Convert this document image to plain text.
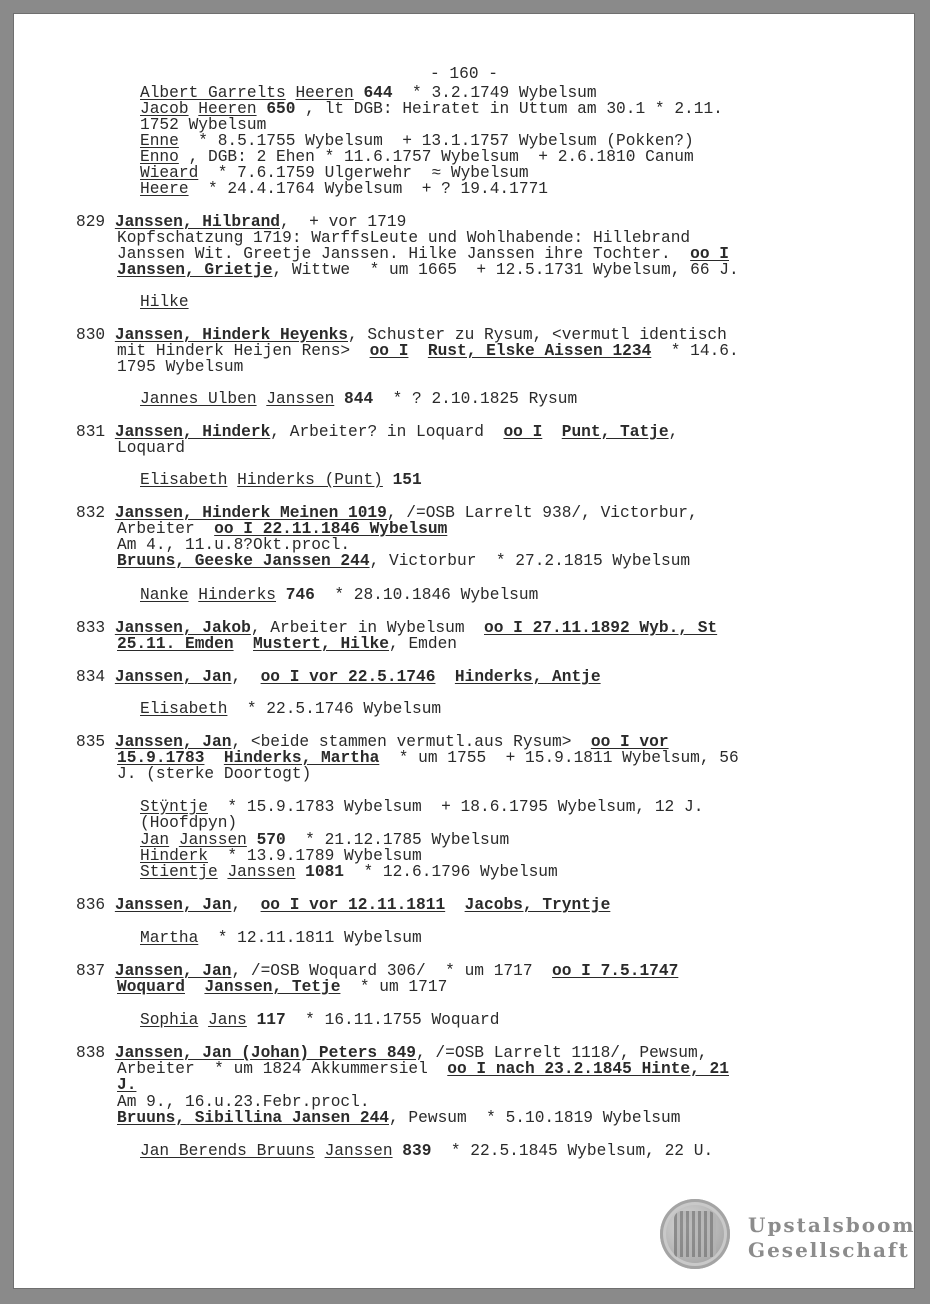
- 160 -
Albert Garrelts Heeren 644  * 3.2.1749 Wybelsum
Jacob Heeren 650 , lt DGB: Heiratet in Uttum am 30.1 * 2.11.
1752 Wybelsum
Enne  * 8.5.1755 Wybelsum  + 13.1.1757 Wybelsum (Pokken?)
Enno , DGB: 2 Ehen * 11.6.1757 Wybelsum  + 2.6.1810 Canum
Wieard  * 7.6.1759 Ulgerwehr  ≈ Wybelsum
Heere  * 24.4.1764 Wybelsum  + ? 19.4.1771
829 Janssen, Hilbrand,  + vor 1719
Kopfschatzung 1719: WarffsLeute und Wohlhabende: Hillebrand
Janssen Wit. Greetje Janssen. Hilke Janssen ihre Tochter.  oo I
Janssen, Grietje, Wittwe  * um 1665  + 12.5.1731 Wybelsum, 66 J.
Hilke
830 Janssen, Hinderk Heyenks, Schuster zu Rysum, <vermutl identisch
mit Hinderk Heijen Rens>  oo I Rust, Elske Aissen 1234  * 14.6.
1795 Wybelsum
Jannes Ulben Janssen 844  * ? 2.10.1825 Rysum
831 Janssen, Hinderk, Arbeiter? in Loquard  oo I Punt, Tatje,
Loquard
Elisabeth Hinderks (Punt) 151
832 Janssen, Hinderk Meinen 1019, /=OSB Larrelt 938/, Victorbur,
Arbeiter  oo I 22.11.1846 Wybelsum
Am 4., 11.u.8?Okt.procl.
Bruuns, Geeske Janssen 244, Victorbur  * 27.2.1815 Wybelsum
Nanke Hinderks 746  * 28.10.1846 Wybelsum
833 Janssen, Jakob, Arbeiter in Wybelsum  oo I 27.11.1892 Wyb., St
25.11. Emden Mustert, Hilke, Emden
834 Janssen, Jan,  oo I vor 22.5.1746 Hinderks, Antje
Elisabeth  * 22.5.1746 Wybelsum
835 Janssen, Jan, <beide stammen vermutl.aus Rysum>  oo I vor
15.9.1783 Hinderks, Martha  * um 1755  + 15.9.1811 Wybelsum, 56
J. (sterke Doortogt)
Stÿntje  * 15.9.1783 Wybelsum  + 18.6.1795 Wybelsum, 12 J.
(Hoofdpyn)
Jan Janssen 570  * 21.12.1785 Wybelsum
Hinderk  * 13.9.1789 Wybelsum
Stientje Janssen 1081  * 12.6.1796 Wybelsum
836 Janssen, Jan,  oo I vor 12.11.1811 Jacobs, Tryntje
Martha  * 12.11.1811 Wybelsum
837 Janssen, Jan, /=OSB Woquard 306/  * um 1717  oo I 7.5.1747
Woquard Janssen, Tetje  * um 1717
Sophia Jans 117  * 16.11.1755 Woquard
838 Janssen, Jan (Johan) Peters 849, /=OSB Larrelt 1118/, Pewsum,
Arbeiter  * um 1824 Akkummersiel  oo I nach 23.2.1845 Hinte, 21
J.
Am 9., 16.u.23.Febr.procl.
Bruuns, Sibillina Jansen 244, Pewsum  * 5.10.1819 Wybelsum
Jan Berends Bruuns Janssen 839  * 22.5.1845 Wybelsum, 22 U.
Upstalsboom
Gesellschaft
